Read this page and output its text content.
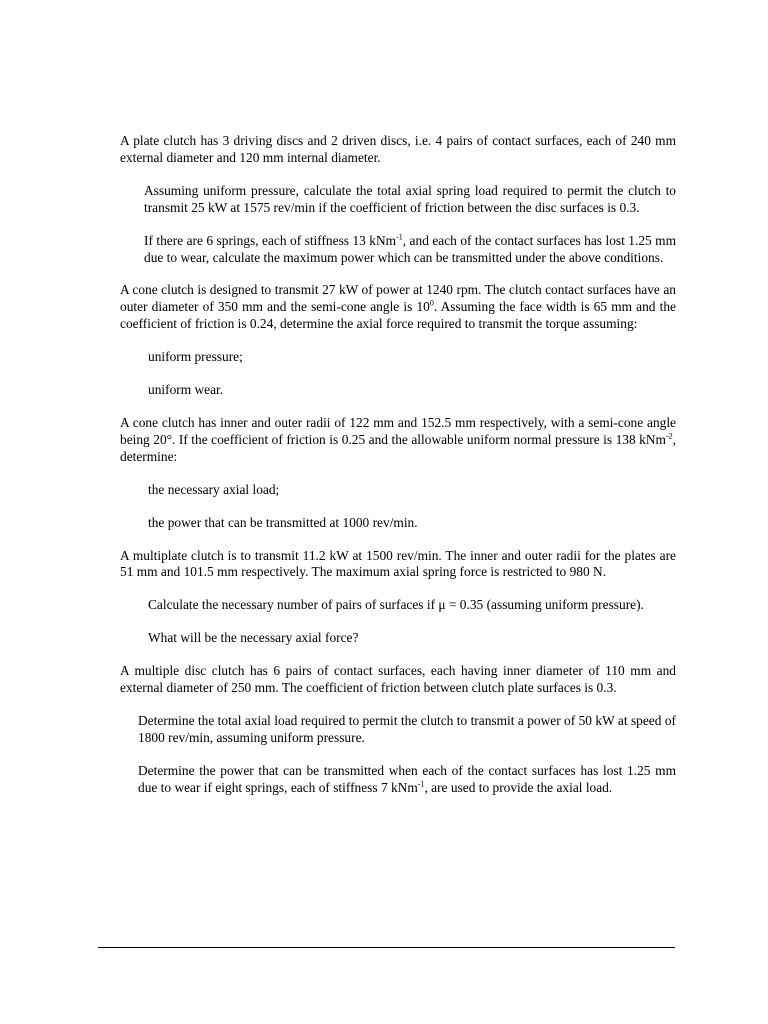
A plate clutch has 3 driving discs and 2 driven discs, i.e. 4 pairs of contact surfaces, each of 240 mm external diameter and 120 mm internal diameter.

Assuming uniform pressure, calculate the total axial spring load required to permit the clutch to transmit 25 kW at 1575 rev/min if the coefficient of friction between the disc surfaces is 0.3.

If there are 6 springs, each of stiffness 13 kNm$^{-1}$, and each of the contact surfaces has lost 1.25 mm due to wear, calculate the maximum power which can be transmitted under the above conditions.

A cone clutch is designed to transmit 27 kW of power at 1240 rpm. The clutch contact surfaces have an outer diameter of 350 mm and the semi-cone angle is $10^0$. Assuming the face width is 65 mm and the coefficient of friction is 0.24, determine the axial force required to transmit the torque assuming:

uniform pressure;

uniform wear.

A cone clutch has inner and outer radii of 122 mm and 152.5 mm respectively, with a semi-cone angle being 20°. If the coefficient of friction is 0.25 and the allowable uniform normal pressure is 138 kNm$^{-2}$, determine:

the necessary axial load;

the power that can be transmitted at 1000 rev/min.

A multiplate clutch is to transmit 11.2 kW at 1500 rev/min. The inner and outer radii for the plates are 51 mm and 101.5 mm respectively. The maximum axial spring force is restricted to 980 N.

Calculate the necessary number of pairs of surfaces if μ = 0.35 (assuming uniform pressure).

What will be the necessary axial force?

A multiple disc clutch has 6 pairs of contact surfaces, each having inner diameter of 110 mm and external diameter of 250 mm. The coefficient of friction between clutch plate surfaces is 0.3.

Determine the total axial load required to permit the clutch to transmit a power of 50 kW at speed of 1800 rev/min, assuming uniform pressure.

Determine the power that can be transmitted when each of the contact surfaces has lost 1.25 mm due to wear if eight springs, each of stiffness 7 kNm$^{-1}$, are used to provide the axial load.
